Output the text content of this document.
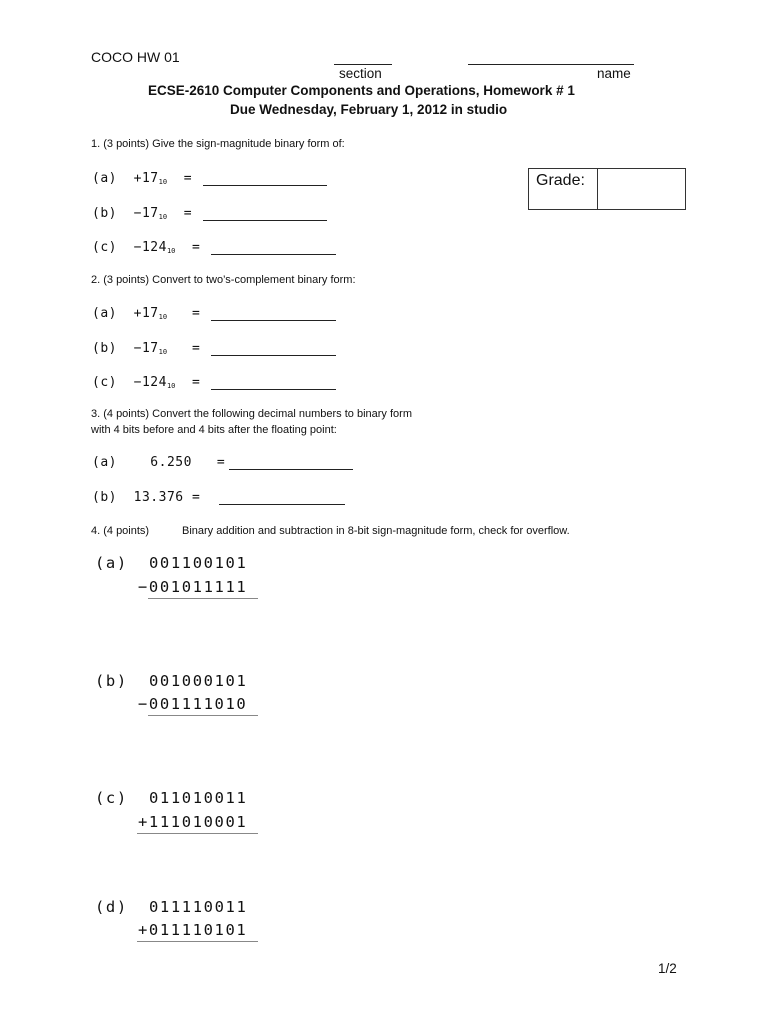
COCO HW 01
section	name
ECSE-2610 Computer Components and Operations, Homework # 1
Due Wednesday, February 1, 2012 in studio
Grade:
1. (3 points) Give the sign-magnitude binary form of:
$(a) +17_{10}$ =
$(b) -17_{10}$ =
$(c) -124_{10}$ =
2. (3 points) Convert to two’s-complement binary form:
$(a) +17_{10}$ =
$(b) -17_{10}$ =
$(c) -124_{10}$ =
3. (4 points) Convert the following decimal numbers to binary form
with 4 bits before and 4 bits after the floating point:
(a)	6.250 =
(b) 13.376 =
4. (4 points)	Binary addition and subtraction in 8-bit sign-magnitude form, check for overflow.
(a) 001100101
−001011111
(b) 001000101
−001111010
(c) 011010011
+111010001
(d) 011110011
+011110101
1/2
